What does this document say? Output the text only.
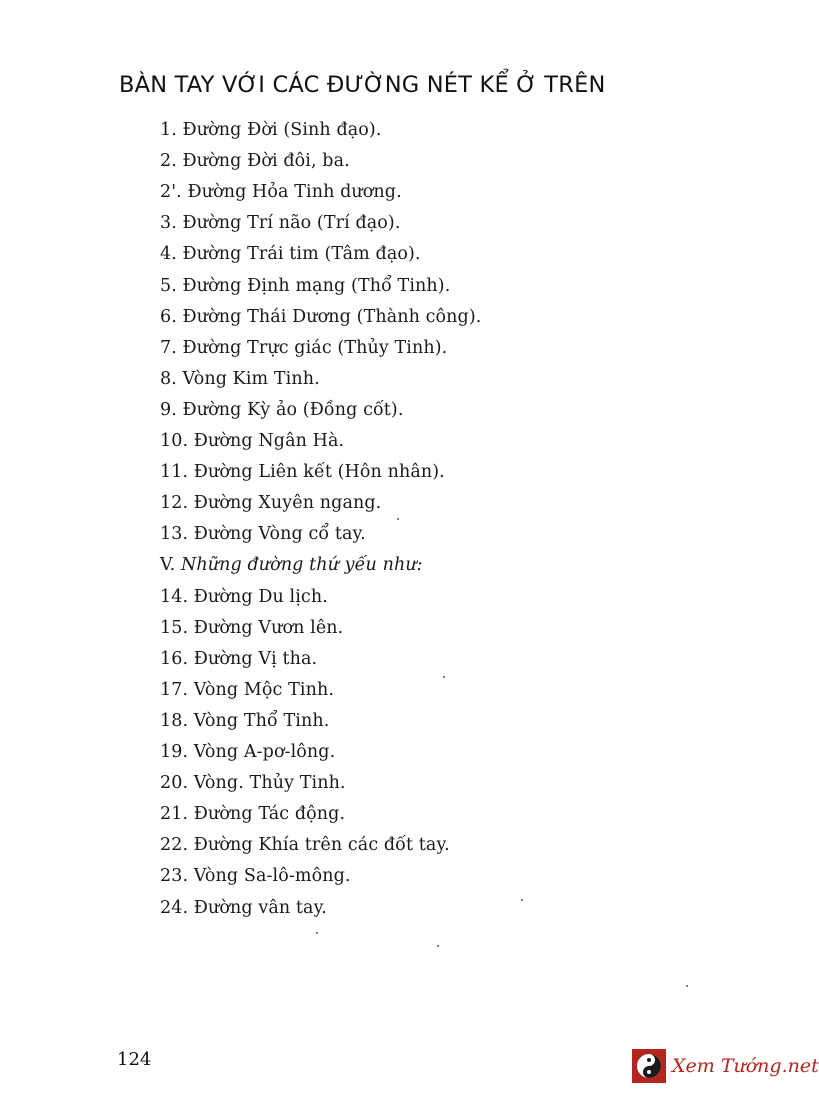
BÀN TAY VỚI CÁC ĐƯỜNG NÉT KỂ Ở TRÊN
1. Đường Đời (Sinh đạo).
2. Đường Đời đôi, ba.
2'. Đường Hỏa Tinh dương.
3. Đường Trí não (Trí đạo).
4. Đường Trái tim (Tâm đạo).
5. Đường Định mạng (Thổ Tinh).
6. Đường Thái Dương (Thành công).
7. Đường Trực giác (Thủy Tinh).
8. Vòng Kim Tinh.
9. Đường Kỳ ảo (Đồng cốt).
10. Đường Ngân Hà.
11. Đường Liên kết (Hôn nhân).
12. Đường Xuyên ngang.
13. Đường Vòng cổ tay.
V. Những đường thứ yếu như:
14. Đường Du lịch.
15. Đường Vươn lên.
16. Đường Vị tha.
17. Vòng Mộc Tinh.
18. Vòng Thổ Tinh.
19. Vòng A-pơ-lông.
20. Vòng. Thủy Tinh.
21. Đường Tác động.
22. Đường Khía trên các đốt tay.
23. Vòng Sa-lô-mông.
24. Đường vân tay.
124	Xem Tướng.net
